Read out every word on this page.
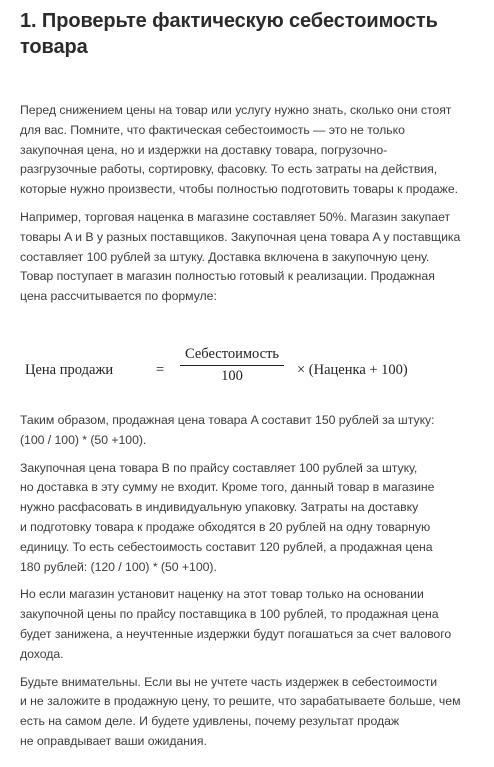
1. Проверьте фактическую себестоимость
товара

Перед снижением цены на товар или услугу нужно знать, сколько они стоят
для вас. Помните, что фактическая себестоимость — это не только
закупочная цена, но и издержки на доставку товара, погрузочно-
разгрузочные работы, сортировку, фасовку. То есть затраты на действия,
которые нужно произвести, чтобы полностью подготовить товары к продаже.

Например, торговая наценка в магазине составляет 50%. Магазин закупает
товары A и B у разных поставщиков. Закупочная цена товара A у поставщика
составляет 100 рублей за штуку. Доставка включена в закупочную цену.
Товар поступает в магазин полностью готовый к реализации. Продажная
цена рассчитывается по формуле:

Цена продажи	=
Себестоимость
100	× (Наценка + 100)

Таким образом, продажная цена товара A составит 150 рублей за штуку:
(100 / 100) * (50 +100).

Закупочная цена товара B по прайсу составляет 100 рублей за штуку,
но доставка в эту сумму не входит. Кроме того, данный товар в магазине
нужно расфасовать в индивидуальную упаковку. Затраты на доставку
и подготовку товара к продаже обходятся в 20 рублей на одну товарную
единицу. То есть себестоимость составит 120 рублей, а продажная цена
180 рублей: (120 / 100) * (50 +100).

Но если магазин установит наценку на этот товар только на основании
закупочной цены по прайсу поставщика в 100 рублей, то продажная цена
будет занижена, а неучтенные издержки будут погашаться за счет валового
дохода.

Будьте внимательны. Если вы не учтете часть издержек в себестоимости
и не заложите в продажную цену, то решите, что зарабатываете больше, чем
есть на самом деле. И будете удивлены, почему результат продаж
не оправдывает ваши ожидания.
